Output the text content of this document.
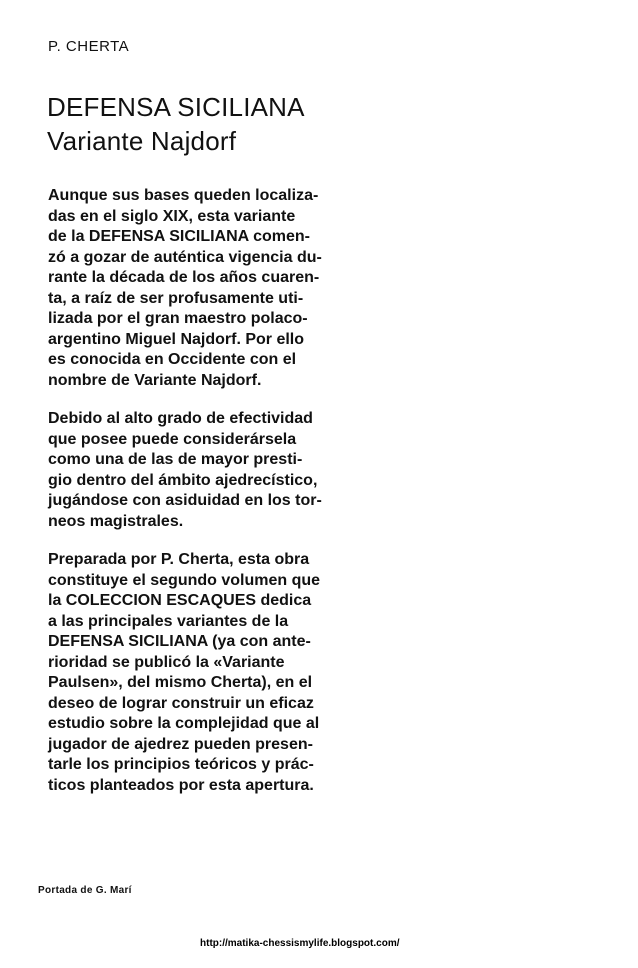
P. CHERTA

DEFENSA SICILIANA
Variante Najdorf

Aunque sus bases queden localiza-
das en el siglo XIX, esta variante
de la DEFENSA SICILIANA comen-
zó a gozar de auténtica vigencia du-
rante la década de los años cuaren-
ta, a raíz de ser profusamente uti-
lizada por el gran maestro polaco-
argentino Miguel Najdorf. Por ello
es conocida en Occidente con el
nombre de Variante Najdorf.

Debido al alto grado de efectividad
que posee puede considerársela
como una de las de mayor presti-
gio dentro del ámbito ajedrecístico,
jugándose con asiduidad en los tor-
neos magistrales.

Preparada por P. Cherta, esta obra
constituye el segundo volumen que
la COLECCION ESCAQUES dedica
a las principales variantes de la
DEFENSA SICILIANA (ya con ante-
rioridad se publicó la «Variante
Paulsen», del mismo Cherta), en el
deseo de lograr construir un eficaz
estudio sobre la complejidad que al
jugador de ajedrez pueden presen-
tarle los principios teóricos y prác-
ticos planteados por esta apertura.

Portada de G. Marí

http://matika-chessismylife.blogspot.com/
